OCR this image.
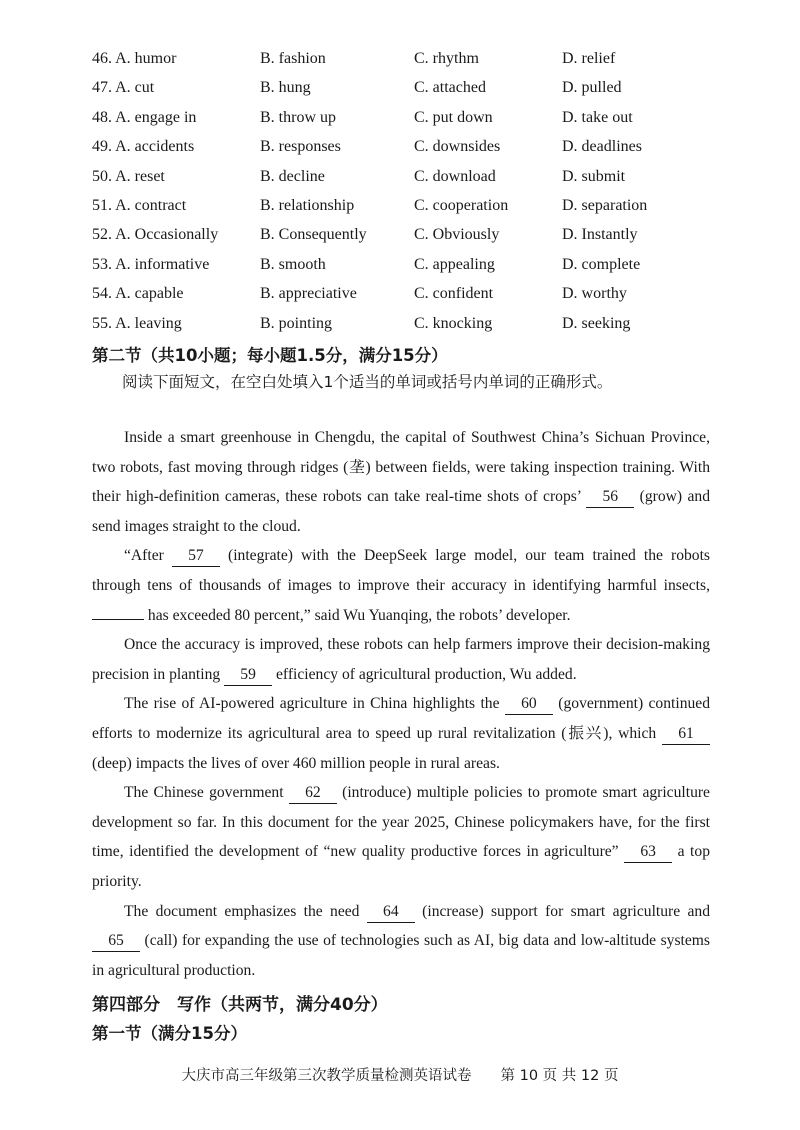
46. A. humor	B. fashion	C. rhythm	D. relief
47. A. cut	B. hung	C. attached	D. pulled
48. A. engage in	B. throw up	C. put down	D. take out
49. A. accidents	B. responses	C. downsides	D. deadlines
50. A. reset	B. decline	C. download	D. submit
51. A. contract	B. relationship	C. cooperation	D. separation
52. A. Occasionally	B. Consequently	C. Obviously	D. Instantly
53. A. informative	B. smooth	C. appealing	D. complete
54. A. capable	B. appreciative	C. confident	D. worthy
55. A. leaving	B. pointing	C. knocking	D. seeking
第二节（共10小题；每小题1.5分，满分15分）
阅读下面短文，在空白处填入1个适当的单词或括号内单词的正确形式。

Inside a smart greenhouse in Chengdu, the capital of Southwest China’s Sichuan Province, two robots, fast moving through ridges (垄) between fields, were taking inspection training. With their high-definition cameras, these robots can take real-time shots of crops’ 56 (grow) and send images straight to the cloud.

“After 57 (integrate) with the DeepSeek large model, our team trained the robots through tens of thousands of images to improve their accuracy in identifying harmful insects,  has exceeded 80 percent,” said Wu Yuanqing, the robots’ developer.

Once the accuracy is improved, these robots can help farmers improve their decision-making precision in planting 59 efficiency of agricultural production, Wu added.

The rise of AI-powered agriculture in China highlights the 60 (government) continued efforts to modernize its agricultural area to speed up rural revitalization (振兴), which 61 (deep) impacts the lives of over 460 million people in rural areas.

The Chinese government 62 (introduce) multiple policies to promote smart agriculture development so far. In this document for the year 2025, Chinese policymakers have, for the first time, identified the development of “new quality productive forces in agriculture” 63 a top priority.

The document emphasizes the need 64 (increase) support for smart agriculture and 65 (call) for expanding the use of technologies such as AI, big data and low-altitude systems in agricultural production.

第四部分　写作（共两节，满分40分）
第一节（满分15分）
大庆市高三年级第三次教学质量检测英语试卷　　第 10 页 共 12 页
